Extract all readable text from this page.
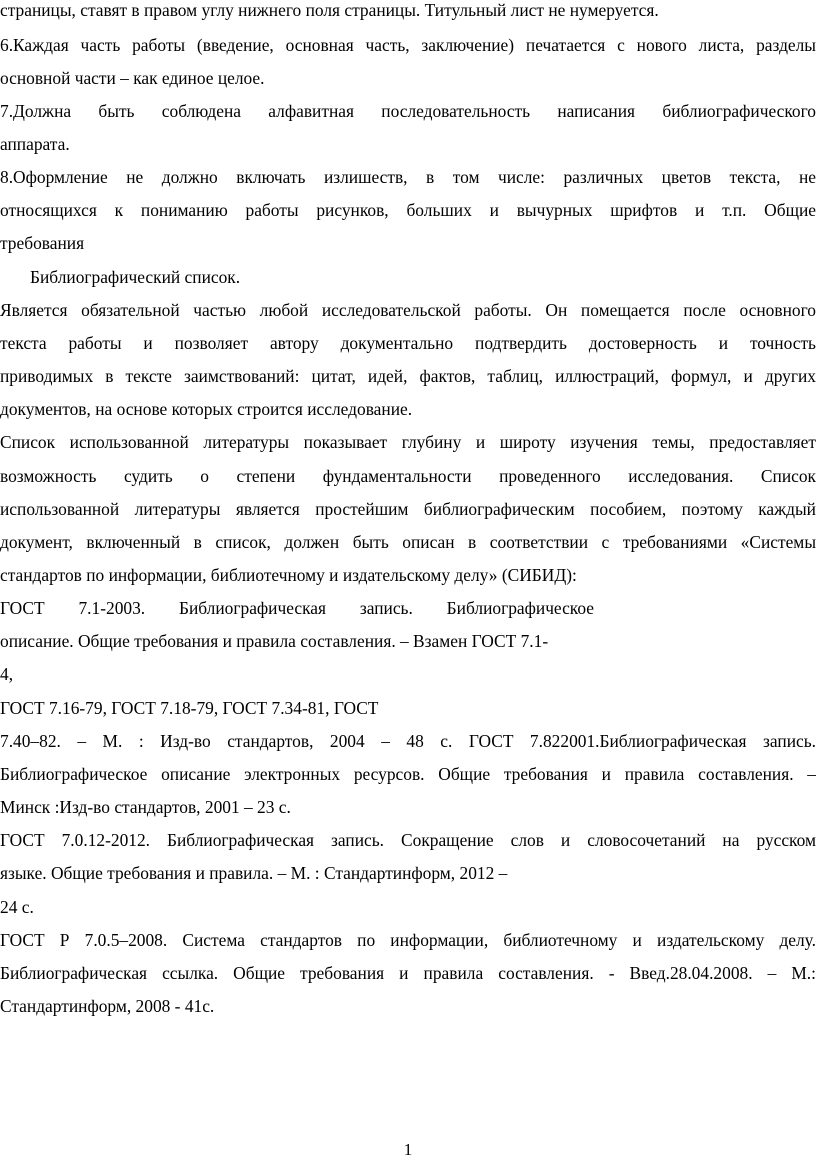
страницы, ставят в правом углу нижнего поля страницы. Титульный лист не нумеруется.
6.Каждая часть работы (введение, основная часть, заключение) печатается с нового листа, разделы
основной части – как единое целое.
7.Должна быть соблюдена алфавитная последовательность написания библиографического
аппарата.
8.Оформление не должно включать излишеств, в том числе: различных цветов текста, не
относящихся к пониманию работы рисунков, больших и вычурных шрифтов и т.п. Общие
требования
Библиографический список.
Является обязательной частью любой исследовательской работы. Он помещается после основного
текста работы и позволяет автору документально подтвердить достоверность и точность
приводимых в тексте заимствований: цитат, идей, фактов, таблиц, иллюстраций, формул, и других
документов, на основе которых строится исследование.
Список использованной литературы показывает глубину и широту изучения темы, предоставляет
возможность судить о степени фундаментальности проведенного исследования. Список
использованной литературы является простейшим библиографическим пособием, поэтому каждый
документ, включенный в список, должен быть описан в соответствии с требованиями «Системы
стандартов по информации, библиотечному и издательскому делу» (СИБИД):
ГОСТ 7.1-2003. Библиографическая запись. Библиографическое
описание. Общие требования и правила составления. – Взамен ГОСТ 7.1-
4,
ГОСТ 7.16-79, ГОСТ 7.18-79, ГОСТ 7.34-81, ГОСТ
7.40–82. – М. : Изд-во стандартов, 2004 – 48 с. ГОСТ 7.822001.Библиографическая запись.
Библиографическое описание электронных ресурсов. Общие требования и правила составления. –
Минск :Изд-во стандартов, 2001 – 23 с.
ГОСТ 7.0.12-2012. Библиографическая запись. Сокращение слов и словосочетаний на русском
языке. Общие требования и правила. – М. : Стандартинформ, 2012 –
24 с.
ГОСТ Р 7.0.5–2008. Система стандартов по информации, библиотечному и издательскому делу.
Библиографическая ссылка. Общие требования и правила составления. - Введ.28.04.2008. – М.:
Стандартинформ, 2008 - 41с.
1
